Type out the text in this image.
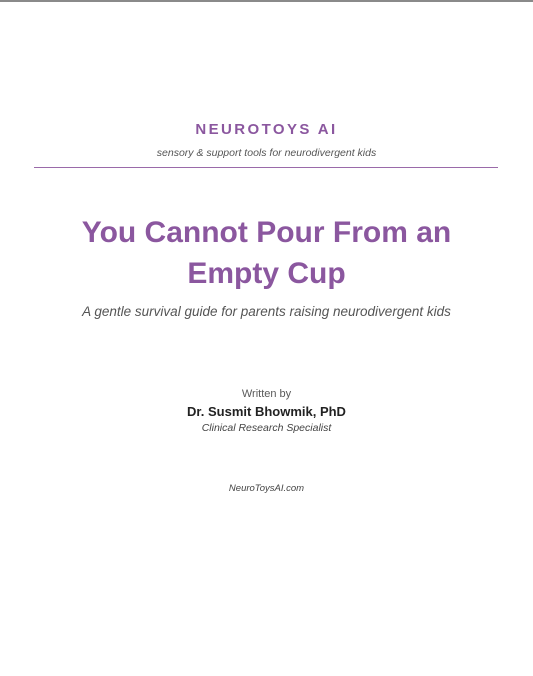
NEUROTOYS AI
sensory & support tools for neurodivergent kids
You Cannot Pour From an Empty Cup
A gentle survival guide for parents raising neurodivergent kids
Written by
Dr. Susmit Bhowmik, PhD
Clinical Research Specialist
NeuroToysAI.com
